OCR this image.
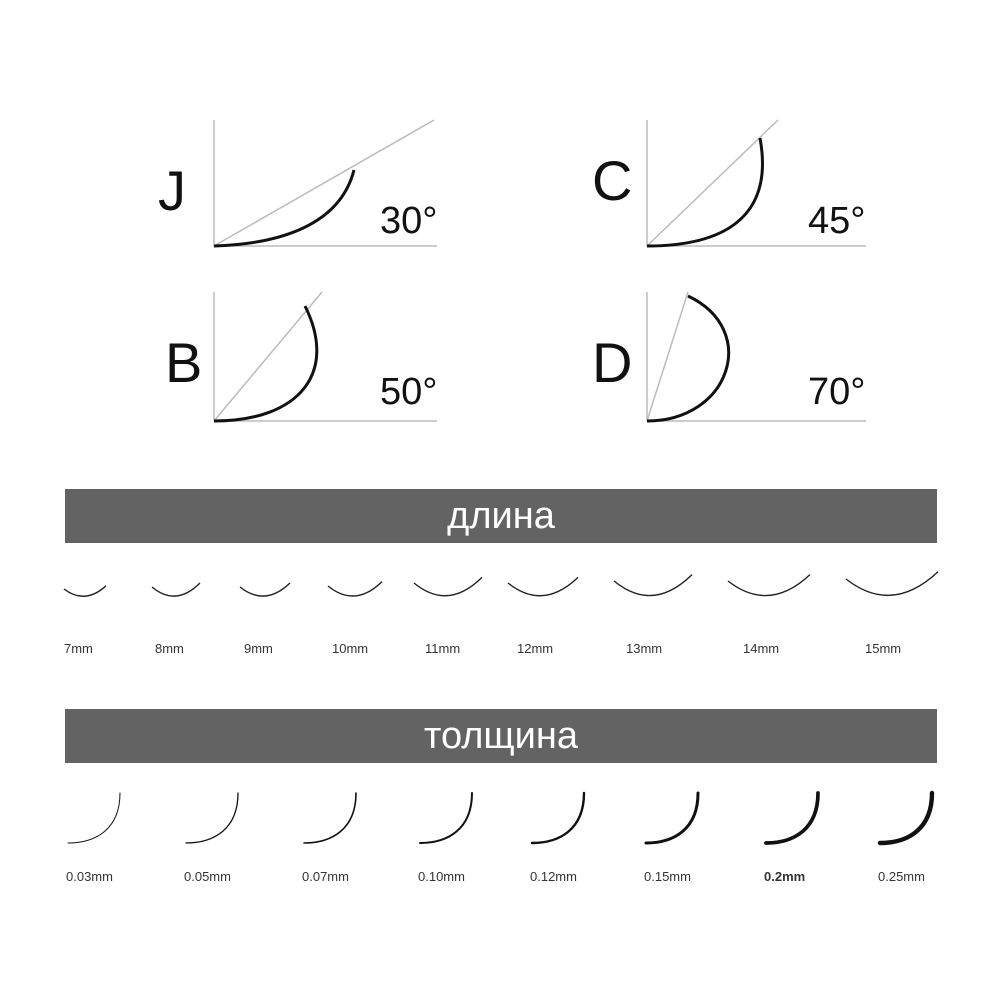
J	30°
C
45°
B	50°	D	70°
длина
7mm	8mm	9mm	10mm	11mm	12mm	13mm	14mm	15mm
толщина
0.03mm	0.05mm	0.07mm	0.10mm	0.12mm	0.15mm	0.2mm	0.25mm
